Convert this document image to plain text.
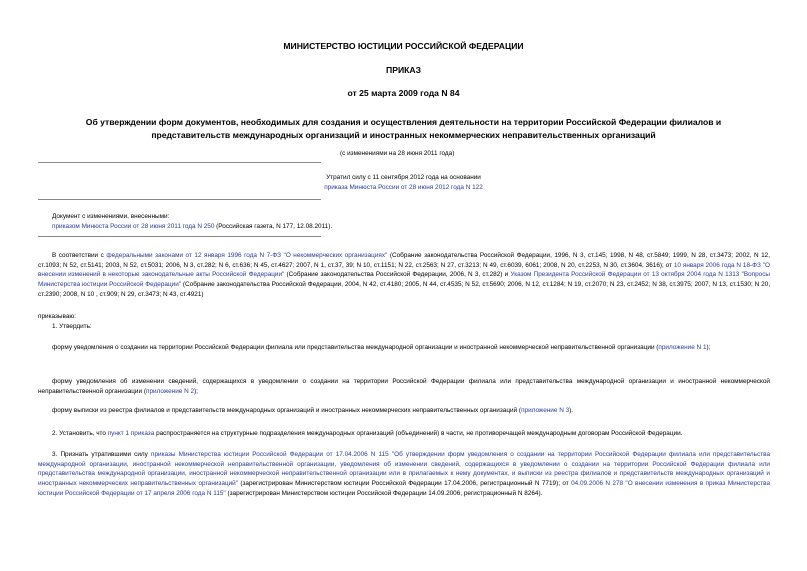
МИНИСТЕРСТВО ЮСТИЦИИ РОССИЙСКОЙ ФЕДЕРАЦИИ
ПРИКАЗ
от 25 марта 2009 года N 84
Об утверждении форм документов, необходимых для создания и осуществления деятельности на территории Российской Федерации филиалов и
представительств международных организаций и иностранных некоммерческих неправительственных организаций
(с изменениями на 28 июня 2011 года)
Утратил силу с 11 сентября 2012 года на основании
приказа Минюста России от 28 июня 2012 года N 122
Документ с изменениями, внесенными:
приказом Минюста России от 28 июня 2011 года N 250 (Российская газета, N 177, 12.08.2011).
В соответствии с федеральными законами от 12 января 1996 года N 7-ФЗ "О некоммерческих организациях" (Собрание законодательства Российской Федерации, 1996, N 3, ст.145; 1998, N 48, ст.5849; 1999, N 28, ст.3473; 2002, N 12, ст.1093; N 52, ст.5141; 2003, N 52, ст.5031; 2006, N 3, ст.282; N 6, ст.636; N 45, ст.4627; 2007, N 1, ст.37, 39; N 10, ст.1151; N 22, ст.2563; N 27, ст.3213; N 49, ст.6039, 6061; 2008, N 20, ст.2253, N 30, ст.3604, 3616); от 10 января 2006 года N 18-ФЗ "О внесении изменений в некоторые законодательные акты Российской Федерации" (Собрание законодательства Российской Федерации, 2006, N 3, ст.282) и Указом Президента Российской Федерации от 13 октября 2004 года N 1313 "Вопросы Министерства юстиции Российской Федерации" (Собрание законодательства Российской Федерации, 2004, N 42, ст.4180; 2005, N 44, ст.4535; N 52, ст.5690; 2006, N 12, ст.1284; N 19, ст.2070; N 23, ст.2452; N 38, ст.3975; 2007, N 13, ст.1530; N 20, ст.2390; 2008, N 10 , ст.909; N 29, ст.3473; N 43, ст.4921)
приказываю:
1. Утвердить:
форму уведомления о создании на территории Российской Федерации филиала или представительства международной организации и иностранной некоммерческой неправительственной организации (приложение N 1);
форму уведомления об изменении сведений, содержащихся в уведомлении о создании на территории Российской Федерации филиала или представительства международной организации и иностранной некоммерческой неправительственной организации (приложение N 2);
форму выписки из реестра филиалов и представительств международных организаций и иностранных некоммерческих неправительственных организаций (приложение N 3).
2. Установить, что пункт 1 приказа распространяется на структурные подразделения международных организаций (объединений) в части, не противоречащей международным договорам Российской Федерации.
3. Признать утратившими силу приказы Министерства юстиции Российской Федерации от 17.04.2006 N 115 "Об утверждении форм уведомления о создании на территории Российской Федерации филиала или представительства международной организации, иностранной некоммерческой неправительственной организации, уведомления об изменении сведений, содержащихся в уведомлении о создании на территории Российской Федерации филиала или представительства международной организации, иностранной некоммерческой неправительственной организации или в прилагаемых к нему документах, и выписки из реестра филиалов и представительств международных организаций и иностранных некоммерческих неправительственных организаций" (зарегистрирован Министерством юстиции Российской Федерации 17.04.2006, регистрационный N 7719); от 04.09.2006 N 278 "О внесении изменения в приказ Министерства юстиции Российской Федерации от 17 апреля 2006 года N 115" (зарегистрирован Министерством юстиции Российской Федерации 14.09.2006, регистрационный N 8264).
